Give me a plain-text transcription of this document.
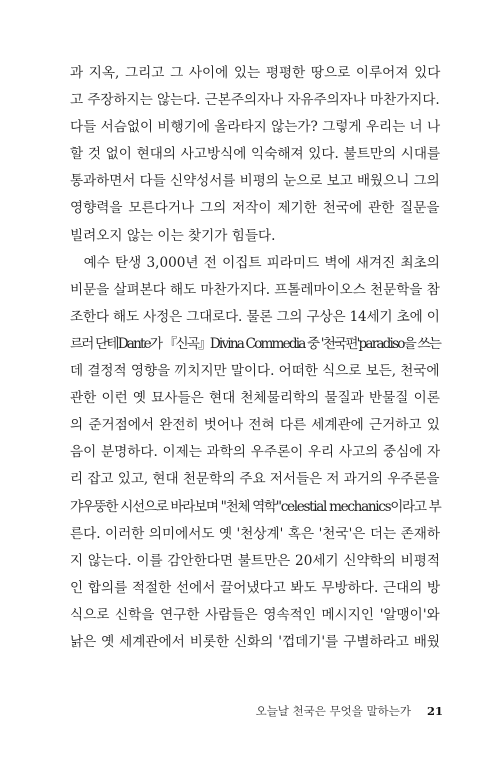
과 지옥, 그리고 그 사이에 있는 평평한 땅으로 이루어져 있다
고 주장하지는 않는다. 근본주의자나 자유주의자나 마찬가지다.
다들 서슴없이 비행기에 올라타지 않는가? 그렇게 우리는 너 나
할 것 없이 현대의 사고방식에 익숙해져 있다. 불트만의 시대를
통과하면서 다들 신약성서를 비평의 눈으로 보고 배웠으니 그의
영향력을 모른다거나 그의 저작이 제기한 천국에 관한 질문을
빌려오지 않는 이는 찾기가 힘들다.
　예수 탄생 3,000년 전 이집트 피라미드 벽에 새겨진 최초의
비문을 살펴본다 해도 마찬가지다. 프톨레마이오스 천문학을 참
조한다 해도 사정은 그대로다. 물론 그의 구상은 14세기 초에 이
르러 단테Dante가 『신곡』Divina Commedia 중 '천국편'paradiso을 쓰는
데 결정적 영향을 끼치지만 말이다. 어떠한 식으로 보든, 천국에
관한 이런 옛 묘사들은 현대 천체물리학의 물질과 반물질 이론
의 준거점에서 완전히 벗어나 전혀 다른 세계관에 근거하고 있
음이 분명하다. 이제는 과학의 우주론이 우리 사고의 중심에 자
리 잡고 있고, 현대 천문학의 주요 저서들은 저 과거의 우주론을
갸우뚱한 시선으로 바라보며 "천체 역학"celestial mechanics이라고 부
른다. 이러한 의미에서도 옛 '천상계' 혹은 '천국'은 더는 존재하
지 않는다. 이를 감안한다면 불트만은 20세기 신약학의 비평적
인 합의를 적절한 선에서 끌어냈다고 봐도 무방하다. 근대의 방
식으로 신학을 연구한 사람들은 영속적인 메시지인 '알맹이'와
낡은 옛 세계관에서 비롯한 신화의 '껍데기'를 구별하라고 배웠
오늘날 천국은 무엇을 말하는가 21
